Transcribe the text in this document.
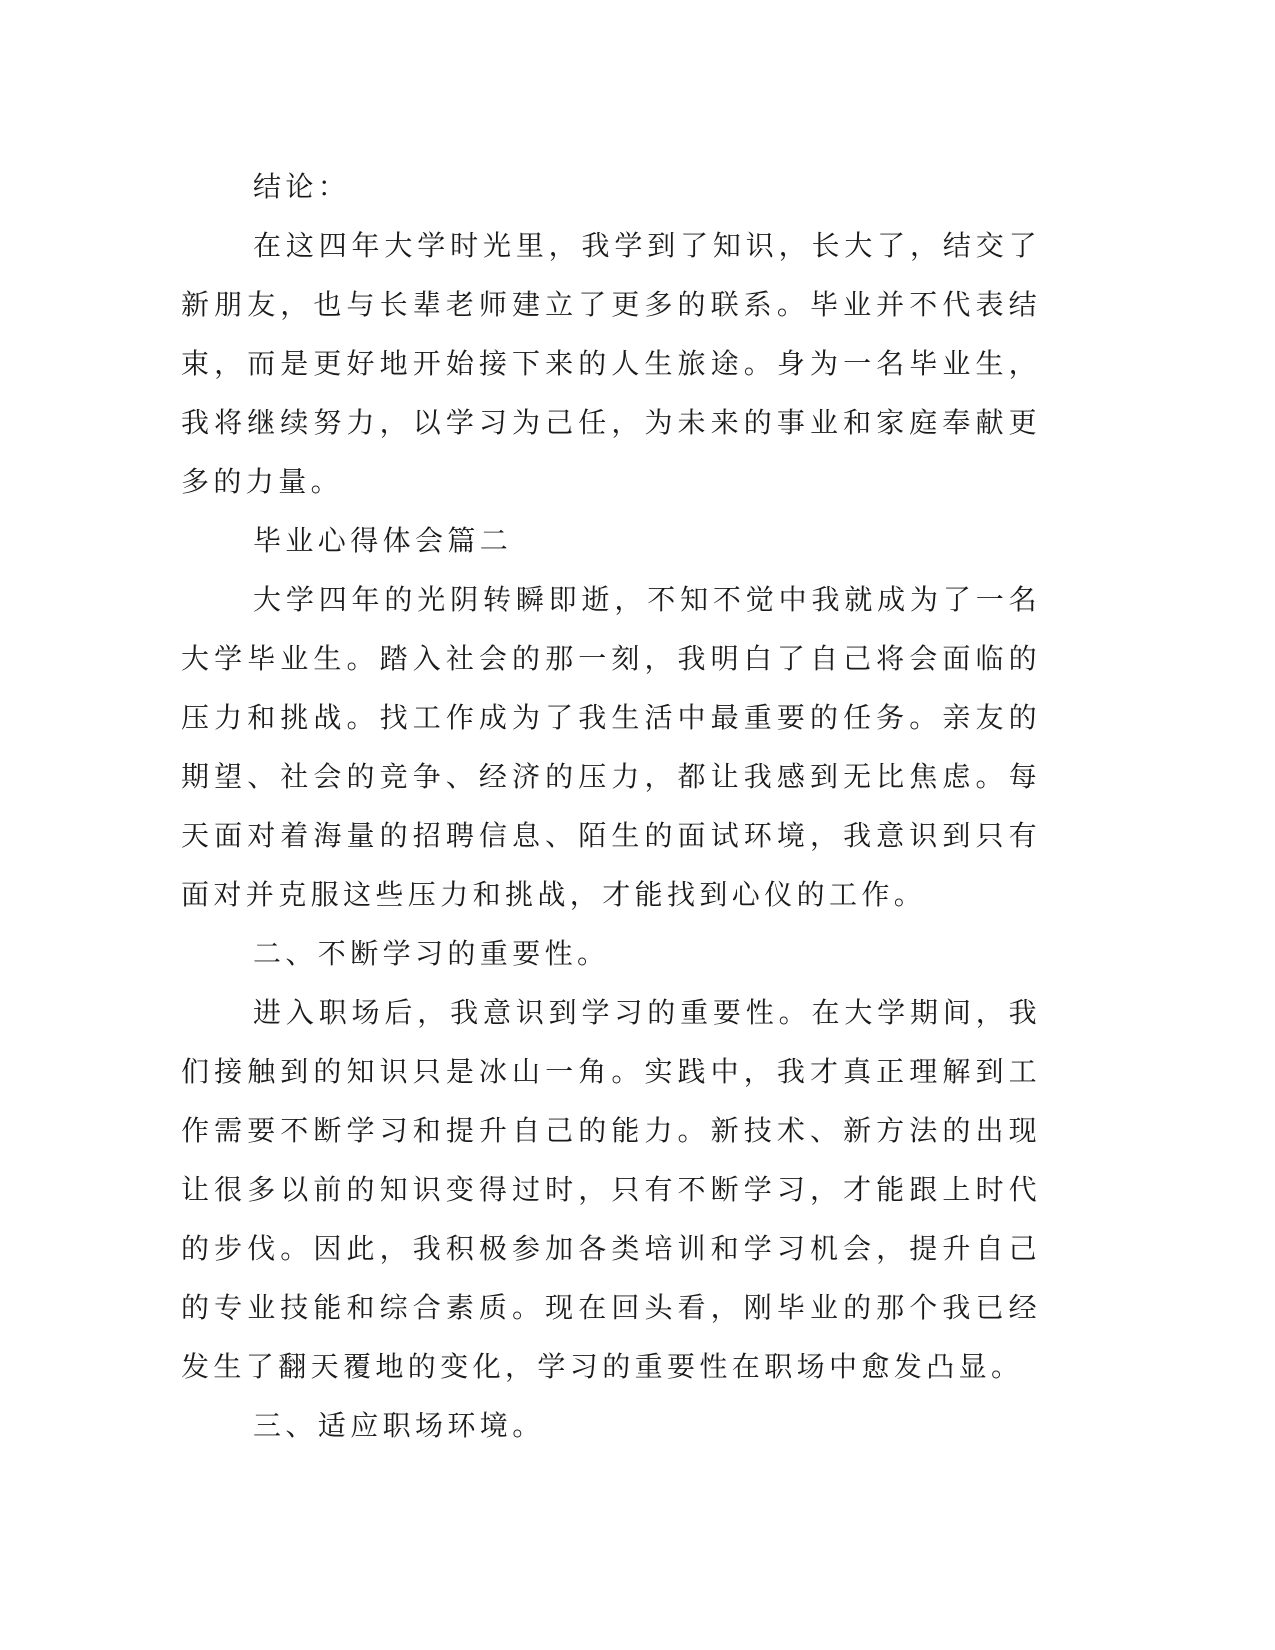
结论：

在这四年大学时光里，我学到了知识，长大了，结交了新朋友，也与长辈老师建立了更多的联系。毕业并不代表结束，而是更好地开始接下来的人生旅途。身为一名毕业生，我将继续努力，以学习为己任，为未来的事业和家庭奉献更多的力量。

毕业心得体会篇二

大学四年的光阴转瞬即逝，不知不觉中我就成为了一名大学毕业生。踏入社会的那一刻，我明白了自己将会面临的压力和挑战。找工作成为了我生活中最重要的任务。亲友的期望、社会的竞争、经济的压力，都让我感到无比焦虑。每天面对着海量的招聘信息、陌生的面试环境，我意识到只有面对并克服这些压力和挑战，才能找到心仪的工作。

二、不断学习的重要性。

进入职场后，我意识到学习的重要性。在大学期间，我们接触到的知识只是冰山一角。实践中，我才真正理解到工作需要不断学习和提升自己的能力。新技术、新方法的出现让很多以前的知识变得过时，只有不断学习，才能跟上时代的步伐。因此，我积极参加各类培训和学习机会，提升自己的专业技能和综合素质。现在回头看，刚毕业的那个我已经发生了翻天覆地的变化，学习的重要性在职场中愈发凸显。

三、适应职场环境。
